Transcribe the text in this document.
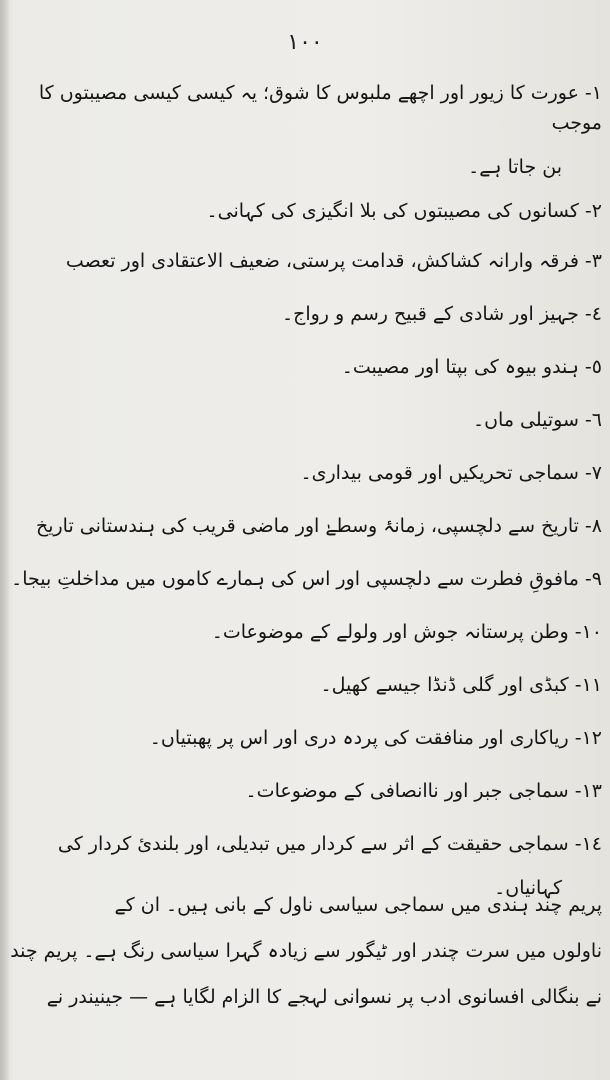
١٠٠
١-عورت کا زیور اور اچھے ملبوس کا شوق؛ یہ کیسی کیسی مصیبتوں کا موجب
بن جاتا ہے۔
٢-کسانوں کی مصیبتوں کی بلا انگیزی کی کہانی۔
٣-فرقہ وارانہ کشاکش، قدامت پرستی، ضعیف الاعتقادی اور تعصب
٤-جہیز اور شادی کے قبیح رسم و رواج۔
٥-ہندو بیوہ کی بپتا اور مصیبت۔
٦-سوتیلی ماں۔
٧-سماجی تحریکیں اور قومی بیداری۔
٨-تاریخ سے دلچسپی، زمانۂ وسطےٰ اور ماضی قریب کی ہندستانی تاریخ
٩-مافوقِ فطرت سے دلچسپی اور اس کی ہمارے کاموں میں مداخلتِ بیجا۔
١٠-وطن پرستانہ جوش اور ولولے کے موضوعات۔
١١-کبڈی اور گلی ڈنڈا جیسے کھیل۔
١٢-ریاکاری اور منافقت کی پردہ دری اور اس پر پھبتیاں۔
١٣-سماجی جبر اور ناانصافی کے موضوعات۔
١٤-سماجی حقیقت کے اثر سے کردار میں تبدیلی، اور بلندیٔ کردار کی
کہانیاں۔
پریم چند ہندی میں سماجی سیاسی ناول کے بانی ہیں۔ ان کے
ناولوں میں سرت چندر اور ٹیگور سے زیادہ گہرا سیاسی رنگ ہے۔ پریم چند
نے بنگالی افسانوی ادب پر نسوانی لہجے کا الزام لگایا ہے — جینیندر نے
